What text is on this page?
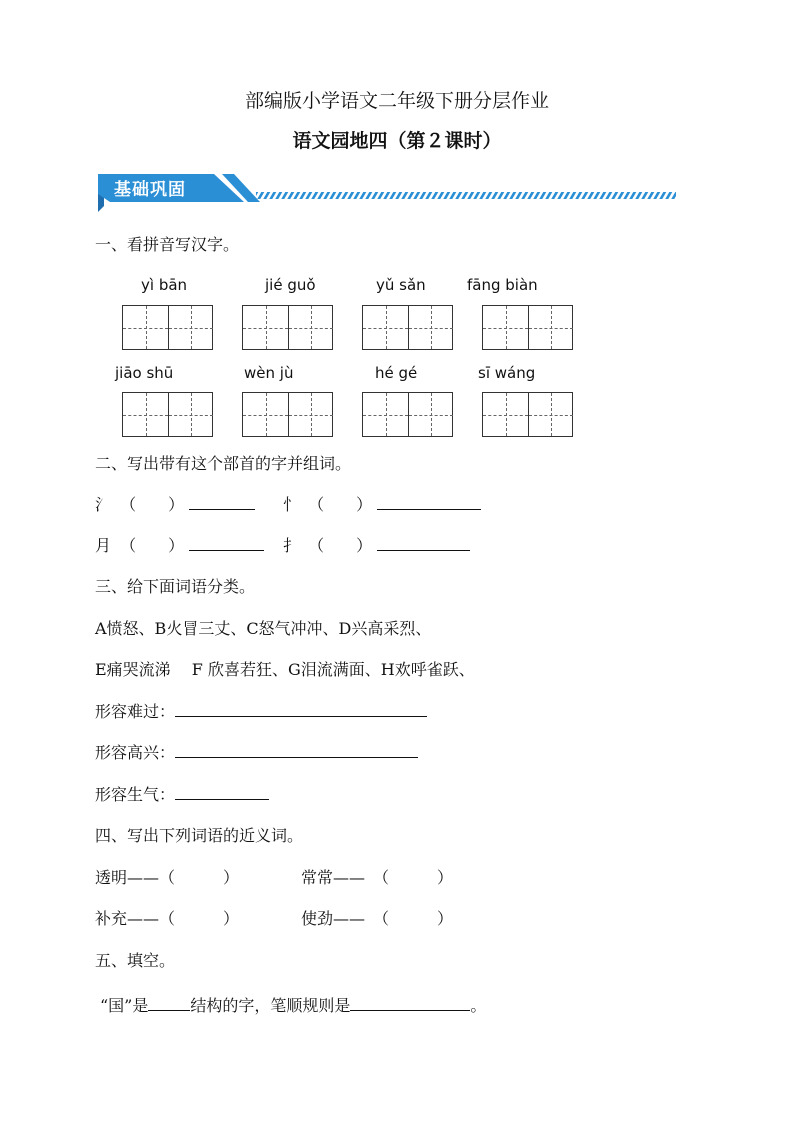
部编版小学语文二年级下册分层作业
语文园地四（第２课时）
基础巩固
一、看拼音写汉字。
yì bān	jié guǒ	yǔ sǎn	fāng biàn
jiāo shū	wèn jù	hé gé	sī wáng
二、写出带有这个部首的字并组词。
氵 （　　）	忄 （　　）
月 （　　）	扌 （　　）
三、给下面词语分类。
A愤怒、B火冒三丈、C怒气冲冲、D兴高采烈、
E痛哭流涕　 F 欣喜若狂、G泪流满面、H欢呼雀跃、
形容难过：
形容高兴：
形容生气：
四、写出下列词语的近义词。
透明——（　　　）	常常——　（　　　）
补充——（　　　）	使劲——　（　　　）
五、填空。
“国”是	结构的字，笔顺规则是	。
